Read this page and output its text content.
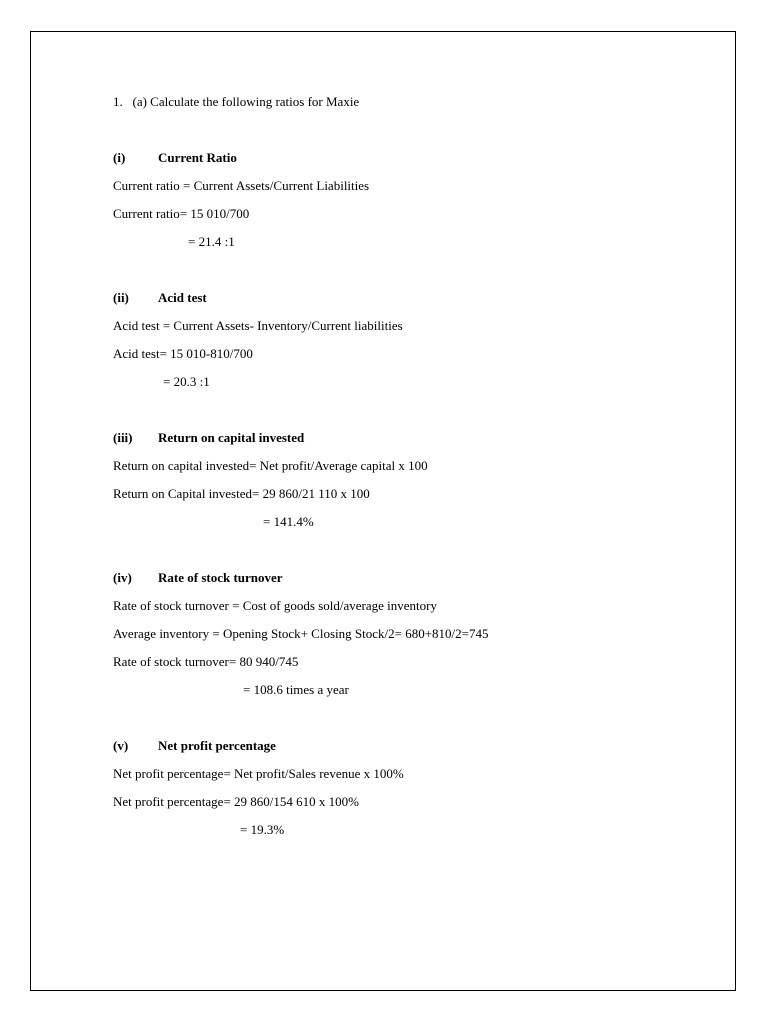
1.   (a) Calculate the following ratios for Maxie
(i)	Current Ratio
Current ratio = Current Assets/Current Liabilities
Current ratio= 15 010/700
= 21.4 :1
(ii) Acid test
Acid test = Current Assets- Inventory/Current liabilities
Acid test= 15 010-810/700
= 20.3 :1
(iii) Return on capital invested
Return on capital invested= Net profit/Average capital x 100
Return on Capital invested= 29 860/21 110 x 100
= 141.4%
(iv) Rate of stock turnover
Rate of stock turnover = Cost of goods sold/average inventory
Average inventory = Opening Stock+ Closing Stock/2= 680+810/2=745
Rate of stock turnover= 80 940/745
= 108.6 times a year
(v) Net profit percentage
Net profit percentage= Net profit/Sales revenue x 100%
Net profit percentage= 29 860/154 610 x 100%
= 19.3%
